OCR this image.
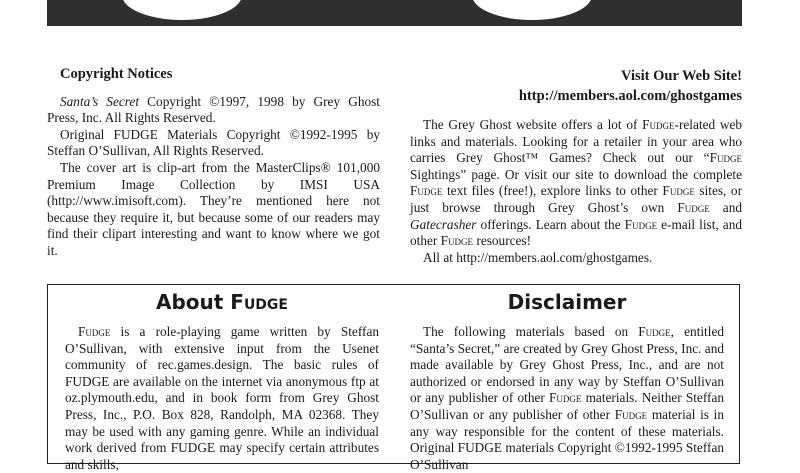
Copyright Notices

Santa’s Secret Copyright ©1997, 1998 by Grey Ghost Press, Inc. All Rights Reserved.

Original FUDGE Materials Copyright ©1992-1995 by Steffan O’Sullivan, All Rights Reserved.

The cover art is clip-art from the MasterClips® 101,000 Premium Image Collection by IMSI USA (http://www.imisoft.com). They’re mentioned here not because they require it, but because some of our readers may find their clipart interesting and want to know where we got it.

Visit Our Web Site!

http://members.aol.com/ghostgames

The Grey Ghost website offers a lot of Fudge-related web links and materials. Looking for a retailer in your area who carries Grey Ghost™ Games? Check out our “Fudge Sightings” page. Or visit our site to download the complete Fudge text files (free!), explore links to other Fudge sites, or just browse through Grey Ghost’s own Fudge and Gatecrasher offerings. Learn about the Fudge e-mail list, and other Fudge resources!

All at http://members.aol.com/ghostgames.

About Fudge

Fudge is a role-playing game written by Steffan O’Sullivan, with extensive input from the Usenet community of rec.games.design. The basic rules of FUDGE are available on the internet via anonymous ftp at oz.plymouth.edu, and in book form from Grey Ghost Press, Inc., P.O. Box 828, Randolph, MA 02368. They may be used with any gaming genre. While an individual work derived from FUDGE may specify certain attributes and skills,

Disclaimer

The following materials based on Fudge, entitled “Santa’s Secret,” are created by Grey Ghost Press, Inc. and made available by Grey Ghost Press, Inc., and are not authorized or endorsed in any way by Steffan O’Sullivan or any publisher of other Fudge materials. Neither Steffan O’Sullivan or any publisher of other Fudge material is in any way responsible for the content of these materials. Original FUDGE materials Copyright ©1992-1995 Steffan O’Sullivan
